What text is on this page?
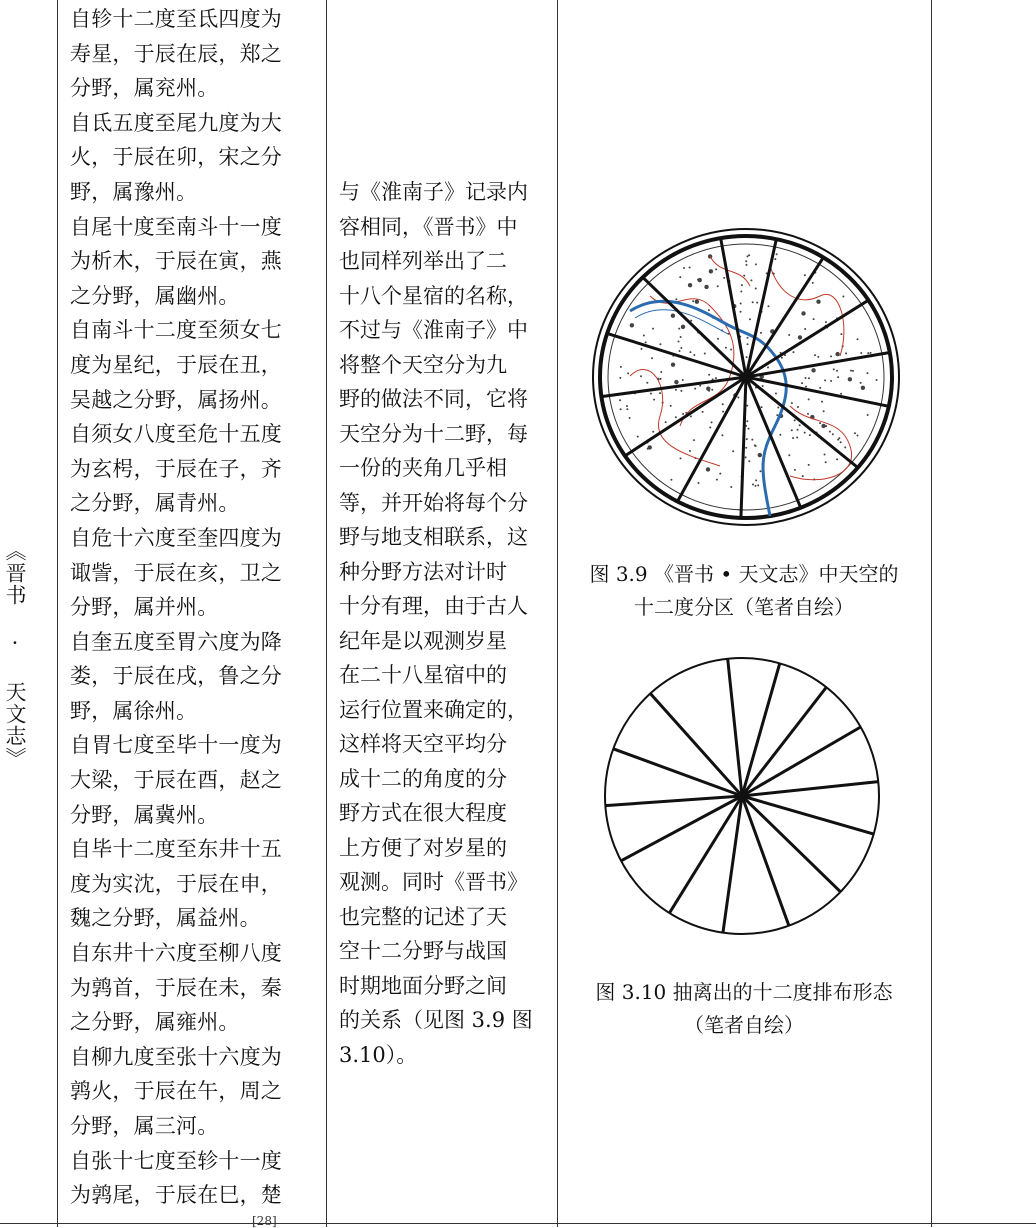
《晋书 · 天文志》
自轸十二度至氐四度为
寿星，于辰在辰，郑之
分野，属兖州。
自氐五度至尾九度为大
火，于辰在卯，宋之分
野，属豫州。
自尾十度至南斗十一度
为析木，于辰在寅，燕
之分野，属幽州。
自南斗十二度至须女七
度为星纪，于辰在丑，
吴越之分野，属扬州。
自须女八度至危十五度
为玄枵，于辰在子，齐
之分野，属青州。
自危十六度至奎四度为
诹訾，于辰在亥，卫之
分野，属并州。
自奎五度至胃六度为降
娄，于辰在戌，鲁之分
野，属徐州。
自胃七度至毕十一度为
大梁，于辰在酉，赵之
分野，属冀州。
自毕十二度至东井十五
度为实沈，于辰在申，
魏之分野，属益州。
自东井十六度至柳八度
为鹑首，于辰在未，秦
之分野，属雍州。
自柳九度至张十六度为
鹑火，于辰在午，周之
分野，属三河。
自张十七度至轸十一度
为鹑尾，于辰在巳，楚
与《淮南子》记录内
容相同，《晋书》中
也同样列举出了二
十八个星宿的名称，
不过与《淮南子》中
将整个天空分为九
野的做法不同，它将
天空分为十二野，每
一份的夹角几乎相
等，并开始将每个分
野与地支相联系，这
种分野方法对计时
十分有理，由于古人
纪年是以观测岁星
在二十八星宿中的
运行位置来确定的，
这样将天空平均分
成十二的角度的分
野方式在很大程度
上方便了对岁星的
观测。同时《晋书》
也完整的记述了天
空十二分野与战国
时期地面分野之间
的关系（见图 3.9 图
3.10）。
图 3.9 《晋书 • 天文志》中天空的
十二度分区（笔者自绘）
图 3.10 抽离出的十二度排布形态
（笔者自绘）
[28]
